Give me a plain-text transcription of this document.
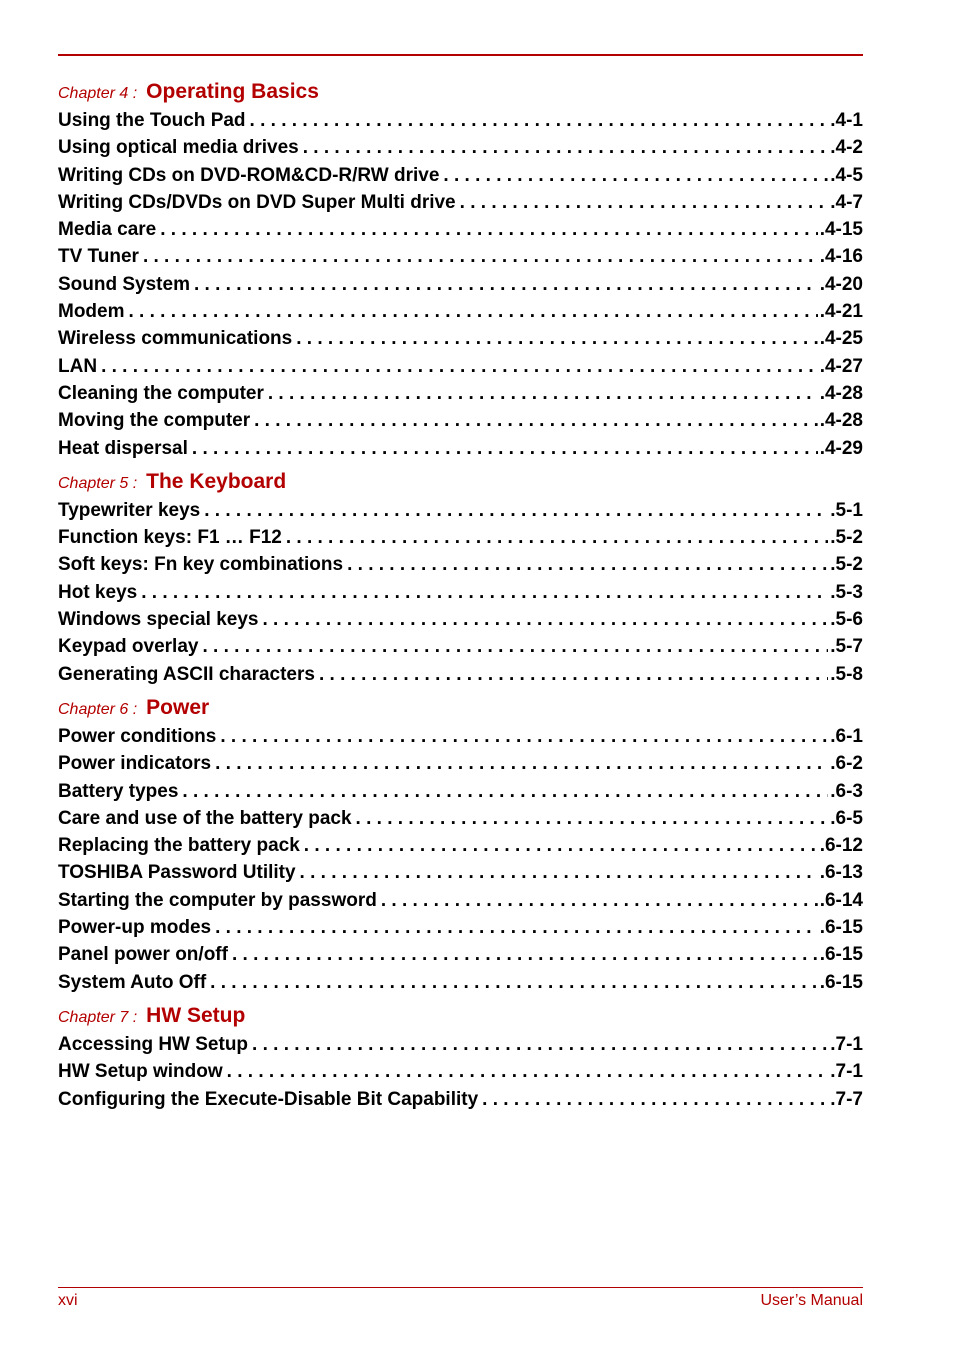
Chapter 4 : Operating Basics
Using the Touch Pad . . .	.4-1
Using optical media drives . . .	.4-2
Writing CDs on DVD-ROM&CD-R/RW drive . . .	.4-5
Writing CDs/DVDs on DVD Super Multi drive . . .	.4-7
Media care . . .	.4-15
TV Tuner . . .	.4-16
Sound System . . .	.4-20
Modem . . .	.4-21
Wireless communications . . .	.4-25
LAN . . .	.4-27
Cleaning the computer . . .	.4-28
Moving the computer . . .	.4-28
Heat dispersal . . .	.4-29
Chapter 5 : The Keyboard
Typewriter keys . . .	.5-1
Function keys: F1 … F12 . . .	.5-2
Soft keys: Fn key combinations . . .	.5-2
Hot keys . . .	.5-3
Windows special keys . . .	.5-6
Keypad overlay . . .	.5-7
Generating ASCII characters . . .	.5-8
Chapter 6 : Power
Power conditions . . .	.6-1
Power indicators . . .	.6-2
Battery types . . .	.6-3
Care and use of the battery pack . . .	.6-5
Replacing the battery pack . . .	.6-12
TOSHIBA Password Utility . . .	.6-13
Starting the computer by password . . .	.6-14
Power-up modes . . .	.6-15
Panel power on/off . . .	.6-15
System Auto Off . . .	.6-15
Chapter 7 : HW Setup
Accessing HW Setup . . .	.7-1
HW Setup window . . .	.7-1
Configuring the Execute-Disable Bit Capability . . .	.7-7
xvi	User’s Manual
